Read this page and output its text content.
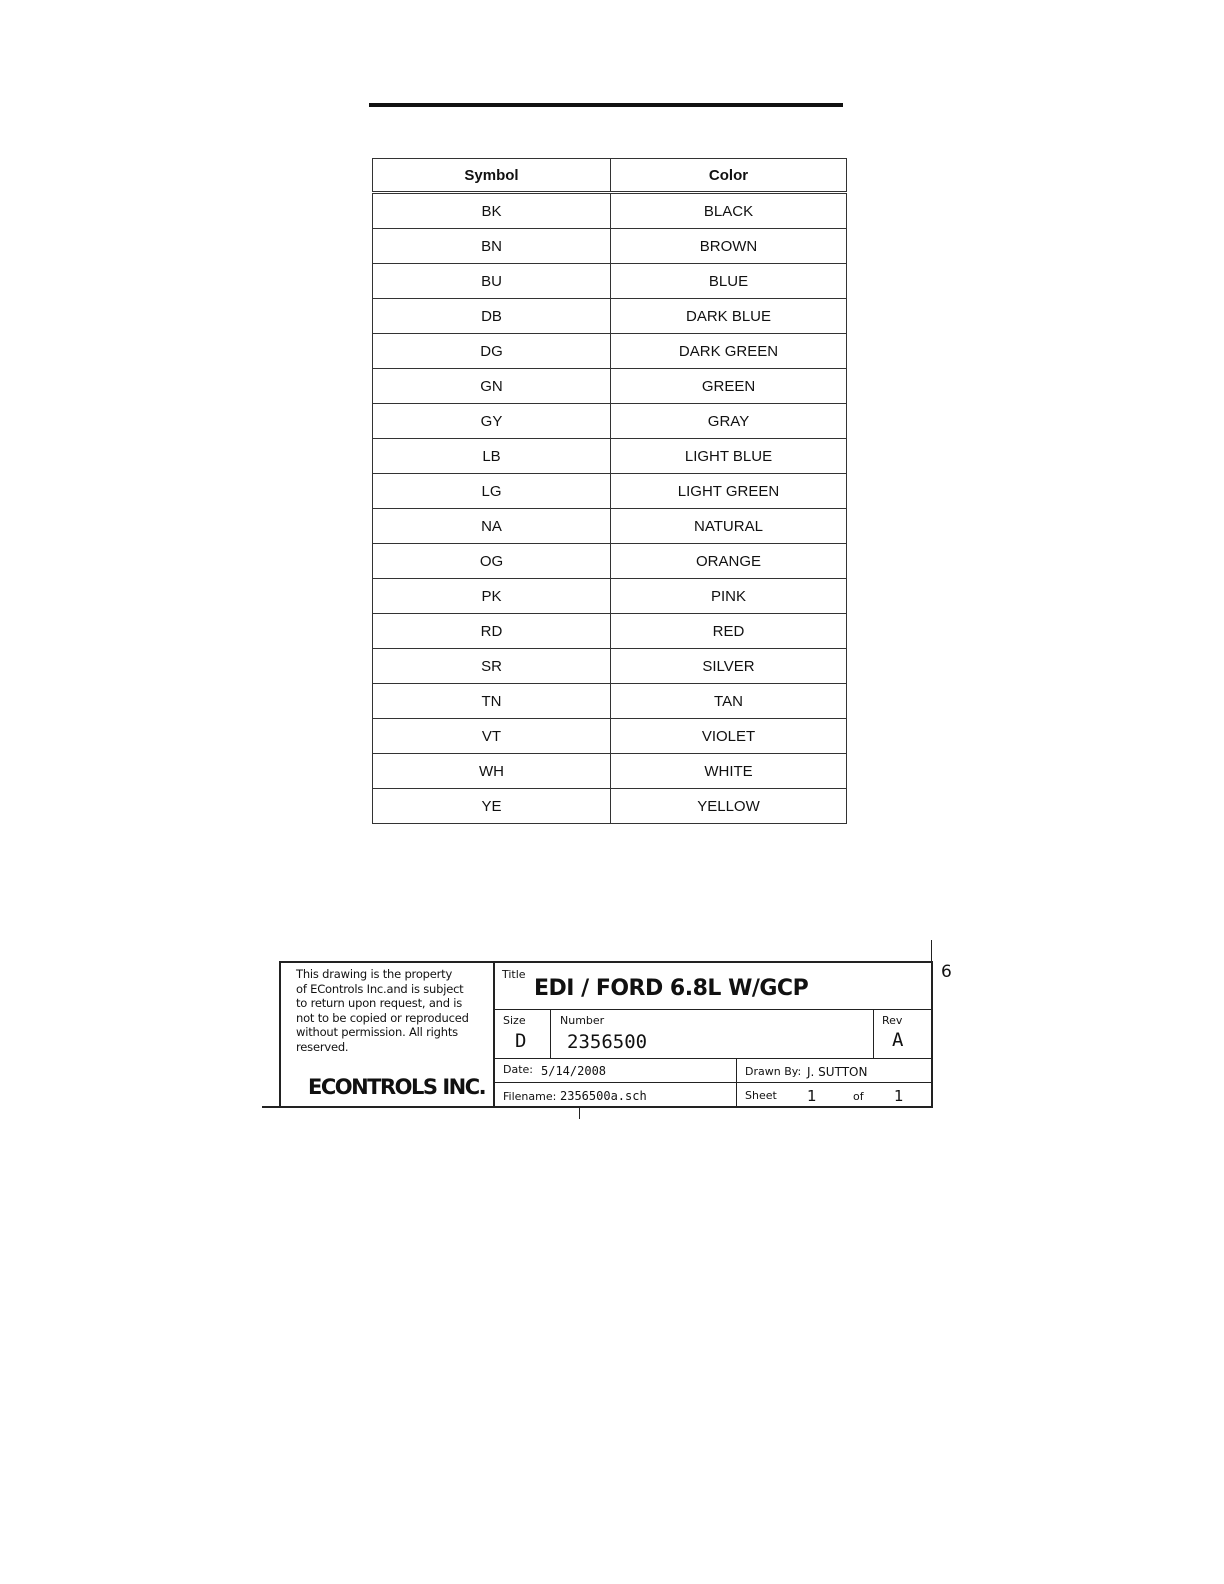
Symbol	Color
BK	BLACK
BN	BROWN
BU	BLUE
DB	DARK BLUE
DG	DARK GREEN
GN	GREEN
GY	GRAY
LB	LIGHT BLUE
LG	LIGHT GREEN
NA	NATURAL
OG	ORANGE
PK	PINK
RD	RED
SR	SILVER
TN	TAN
VT	VIOLET
WH	WHITE
YE	YELLOW
This drawing is the property
of EControls Inc.and is subject
to return upon request, and is
not to be copied or reproduced
without permission. All rights
reserved.
ECONTROLS INC.
Title
EDI / FORD 6.8L W/GCP
Size
D
Number
2356500
Rev
A
Date: 5/14/2008	Drawn By: J. SUTTON
Filename: 2356500a.sch	Sheet 1	of 1
6
